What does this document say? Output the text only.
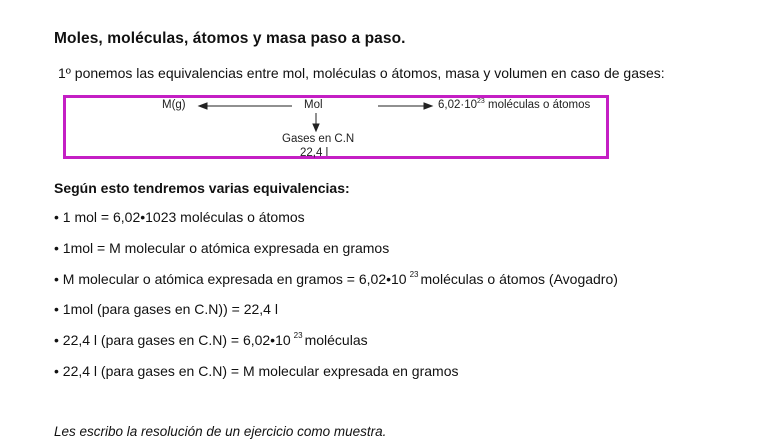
Moles, moléculas, átomos y masa paso a paso.
1º ponemos las equivalencias entre mol, moléculas o átomos, masa y volumen en caso de gases:
M(g)	Mol	$6,02\cdot 10^{23}$ moléculas o átomos
Gases en C.N
22,4 l
Según esto tendremos varias equivalencias:
• 1 mol = 6,02•1023 moléculas o átomos
• 1mol = M molecular o atómica expresada en gramos
• M molecular o atómica expresada en gramos = 6,02•10 $^{23}$ moléculas o átomos (Avogadro)
• 1mol (para gases en C.N)) = 22,4 l
• 22,4 l (para gases en C.N) = 6,02•10 $^{23}$ moléculas
• 22,4 l (para gases en C.N) = M molecular expresada en gramos
Les escribo la resolución de un ejercicio como muestra.
